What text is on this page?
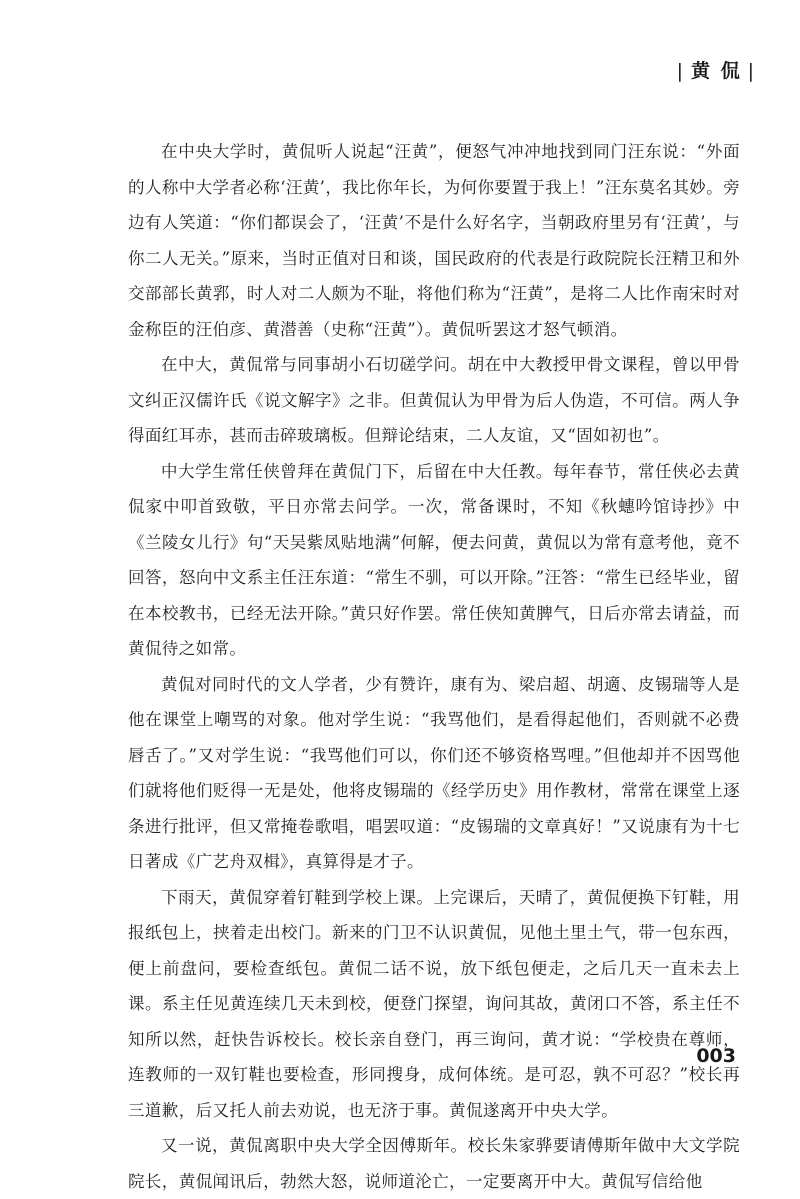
| 黄 侃 |

在中央大学时，黄侃听人说起“汪黄”，便怒气冲冲地找到同门汪东说：“外面的人称中大学者必称‘汪黄’，我比你年长，为何你要置于我上！”汪东莫名其妙。旁边有人笑道：“你们都误会了，‘汪黄’不是什么好名字，当朝政府里另有‘汪黄’，与你二人无关。”原来，当时正值对日和谈，国民政府的代表是行政院院长汪精卫和外交部部长黄郛，时人对二人颇为不耻，将他们称为“汪黄”，是将二人比作南宋时对金称臣的汪伯彦、黄潜善（史称“汪黄”）。黄侃听罢这才怒气顿消。

在中大，黄侃常与同事胡小石切磋学问。胡在中大教授甲骨文课程，曾以甲骨文纠正汉儒许氏《说文解字》之非。但黄侃认为甲骨为后人伪造，不可信。两人争得面红耳赤，甚而击碎玻璃板。但辩论结束，二人友谊，又“固如初也”。

中大学生常任侠曾拜在黄侃门下，后留在中大任教。每年春节，常任侠必去黄侃家中叩首致敬，平日亦常去问学。一次，常备课时，不知《秋蟪吟馆诗抄》中《兰陵女儿行》句“天吴紫凤贴地满”何解，便去问黄，黄侃以为常有意考他，竟不回答，怒向中文系主任汪东道：“常生不驯，可以开除。”汪答：“常生已经毕业，留在本校教书，已经无法开除。”黄只好作罢。常任侠知黄脾气，日后亦常去请益，而黄侃待之如常。

黄侃对同时代的文人学者，少有赞许，康有为、梁启超、胡適、皮锡瑞等人是他在课堂上嘲骂的对象。他对学生说：“我骂他们，是看得起他们，否则就不必费唇舌了。”又对学生说：“我骂他们可以，你们还不够资格骂哩。”但他却并不因骂他们就将他们贬得一无是处，他将皮锡瑞的《经学历史》用作教材，常常在课堂上逐条进行批评，但又常掩卷歌唱，唱罢叹道：“皮锡瑞的文章真好！”又说康有为十七日著成《广艺舟双楫》，真算得是才子。

下雨天，黄侃穿着钉鞋到学校上课。上完课后，天晴了，黄侃便换下钉鞋，用报纸包上，挟着走出校门。新来的门卫不认识黄侃，见他土里土气，带一包东西，便上前盘问，要检查纸包。黄侃二话不说，放下纸包便走，之后几天一直未去上课。系主任见黄连续几天未到校，便登门探望，询问其故，黄闭口不答，系主任不知所以然，赶快告诉校长。校长亲自登门，再三询问，黄才说：“学校贵在尊师，连教师的一双钉鞋也要检查，形同搜身，成何体统。是可忍，孰不可忍？”校长再三道歉，后又托人前去劝说，也无济于事。黄侃遂离开中央大学。

又一说，黄侃离职中央大学全因傅斯年。校长朱家骅要请傅斯年做中大文学院院长，黄侃闻讯后，勃然大怒，说师道沦亡，一定要离开中大。黄侃写信给他

003
